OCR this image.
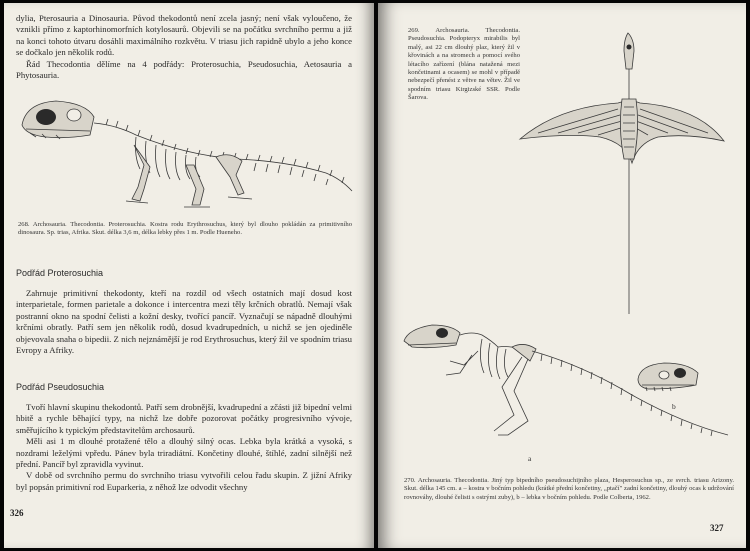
dylia, Pterosauria a Dinosauria. Původ thekodontů není zcela jasný; není však vyloučeno, že vznikli přímo z kaptorhinomorfních kotylosaurů. Objevili se na počátku svrchního permu a již na konci tohoto útvaru dosáhli maximálního rozkvětu. V triasu jich rapidně ubylo a jeho konce se dočkalo jen několik rodů.

Řád Thecodontia dělíme na 4 podřády: Proterosuchia, Pseudosuchia, Aetosauria a Phytosauria.

268. Archosauria. Thecodontia. Proterosuchia. Kostra rodu Erythrosuchus, který byl dlouho pokládán za primitivního dinosaura. Sp. trias, Afrika. Skut. délka 3,6 m, délka lebky přes 1 m. Podle Hueneho.
Podřád Proterosuchia

Zahrnuje primitivní thekodonty, kteří na rozdíl od všech ostatních mají dosud kost interparietale, formen parietale a dokonce i intercentra mezi těly krčních obratlů. Nemají však postranní okno na spodní čelisti a kožní desky, tvořící pancíř. Vyznačují se nápadně dlouhými krčními obratly. Patří sem jen několik rodů, dosud kvadrupedních, u nichž se jen ojediněle objevovala snaha o bipedii. Z nich nejznámější je rod Erythrosuchus, který žil ve spodním triasu Evropy a Afriky.

Podřád Pseudosuchia

Tvoří hlavní skupinu thekodontů. Patří sem drobnější, kvadrupední a zčásti již bipední velmi hbitě a rychle běhající typy, na nichž lze dobře pozorovat počátky progresivního vývoje, směřujícího k typickým představitelům archosaurů.

Měli asi 1 m dlouhé protažené tělo a dlouhý silný ocas. Lebka byla krátká a vysoká, s nozdrami leželými vpředu. Pánev byla triradiátní. Končetiny dlouhé, štíhlé, zadní silnější než přední. Pancíř byl zpravidla vyvinut.

V době od svrchního permu do svrchního triasu vytvořili celou řadu skupin. Z jižní Afriky byl popsán primitivní rod Euparkeria, z něhož lze odvodit všechny

326
269. Archosauria. Thecodontia. Pseudosuchia. Podopteryx mirabilis byl malý, asi 22 cm dlouhý plaz, který žil v křovinách a na stromech a pomocí svého létacího zařízení (blána natažená mezi končetinami a ocasem) se mohl v případě nebezpečí přenést z větve na větev. Žil ve spodním triasu Kirgizské SSR. Podle Šarova.
a
b
270. Archosauria. Thecodontia. Jiný typ bipedního pseudosuchijního plaza, Hesperosuchus sp., ze svrch. triasu Arizony. Skut. délka 145 cm. a – kostra v bočním pohledu (krátké přední končetiny, „ptačí" zadní končetiny, dlouhý ocas k udržování rovnováhy, dlouhé čelisti s ostrými zuby), b – lebka v bočním pohledu. Podle Colberta, 1962.
327
